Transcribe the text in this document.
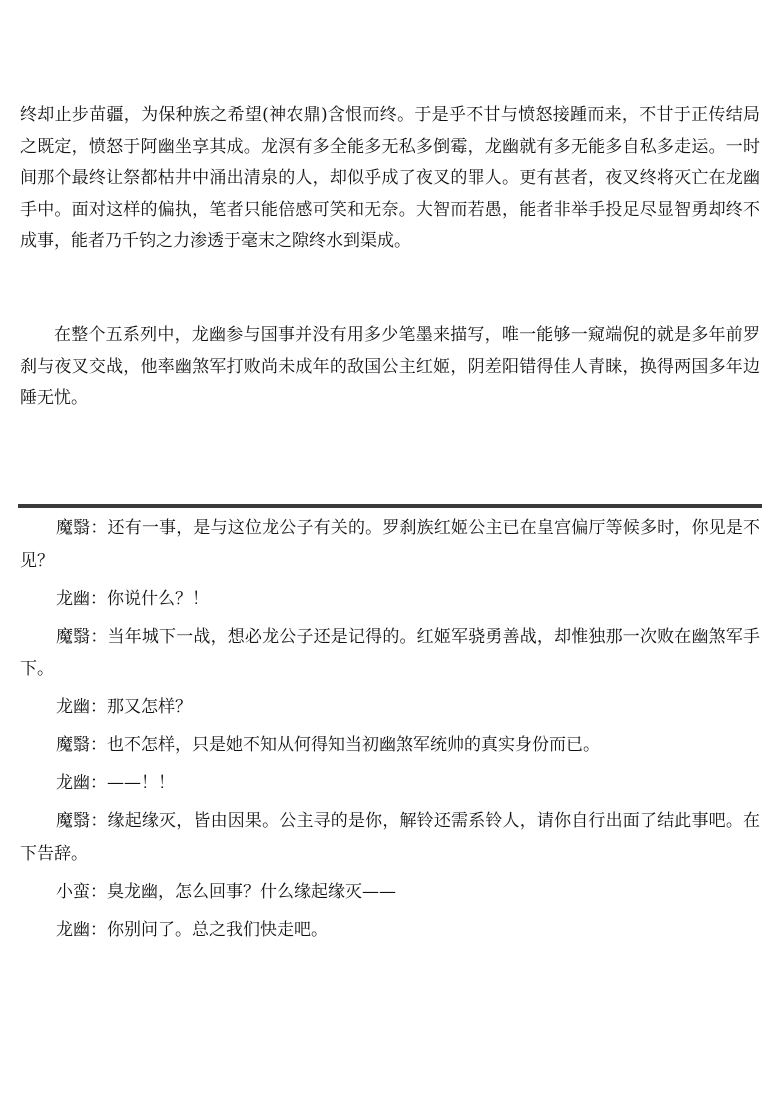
终却止步苗疆，为保种族之希望(神农鼎)含恨而终。于是乎不甘与愤怒接踵而来，不甘于正传结局之既定，愤怒于阿幽坐享其成。龙溟有多全能多无私多倒霉，龙幽就有多无能多自私多走运。一时间那个最终让祭都枯井中涌出清泉的人，却似乎成了夜叉的罪人。更有甚者，夜叉终将灭亡在龙幽手中。面对这样的偏执，笔者只能倍感可笑和无奈。大智而若愚，能者非举手投足尽显智勇却终不成事，能者乃千钧之力渗透于毫末之隙终水到渠成。

在整个五系列中，龙幽参与国事并没有用多少笔墨来描写，唯一能够一窥端倪的就是多年前罗刹与夜叉交战，他率幽煞军打败尚未成年的敌国公主红姬，阴差阳错得佳人青睐，换得两国多年边陲无忧。

魔翳：还有一事，是与这位龙公子有关的。罗刹族红姬公主已在皇宫偏厅等候多时，你见是不见？

龙幽：你说什么？！

魔翳：当年城下一战，想必龙公子还是记得的。红姬军骁勇善战，却惟独那一次败在幽煞军手下。

龙幽：那又怎样？

魔翳：也不怎样，只是她不知从何得知当初幽煞军统帅的真实身份而已。

龙幽：——！！

魔翳：缘起缘灭，皆由因果。公主寻的是你，解铃还需系铃人，请你自行出面了结此事吧。在下告辞。

小蛮：臭龙幽，怎么回事？什么缘起缘灭——

龙幽：你别问了。总之我们快走吧。
